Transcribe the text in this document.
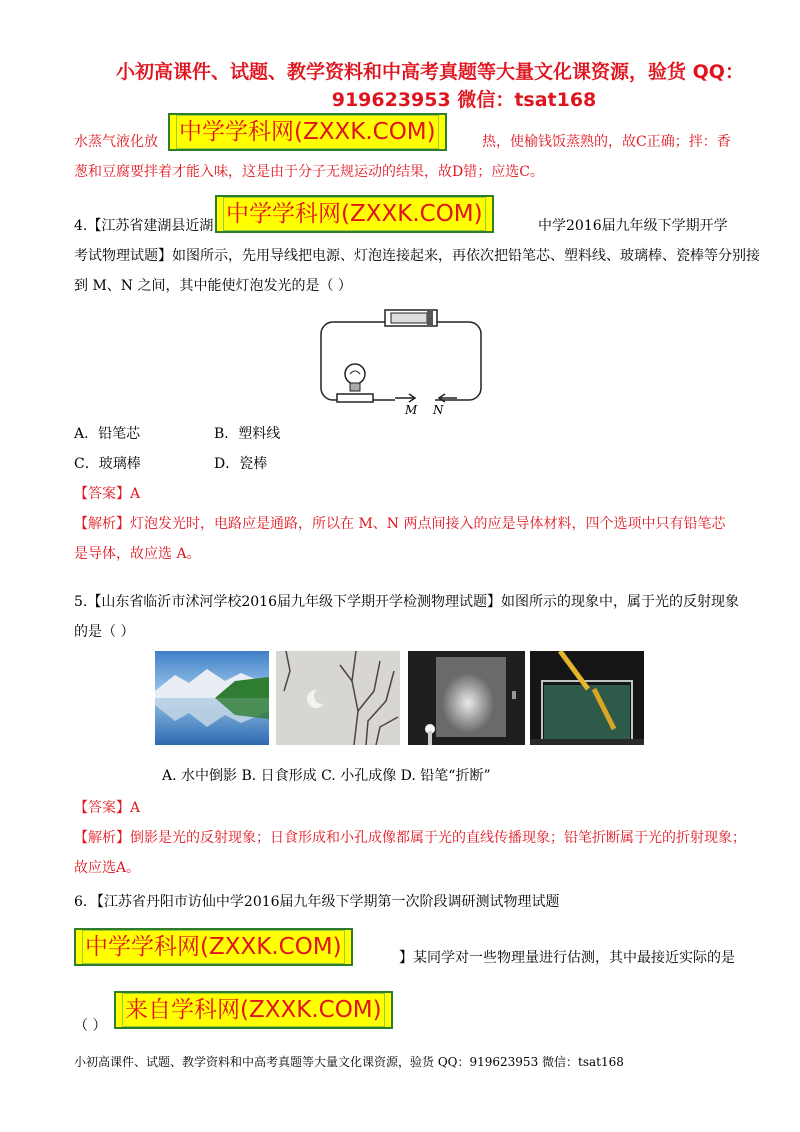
小初高课件、试题、教学资料和中高考真题等大量文化课资源，验货 QQ：
919623953 微信：tsat168
水蒸气液化放 中学学科网(ZXXK.COM)	热，使榆钱饭蒸熟的，故C正确；拌：香
葱和豆腐要拌着才能入味，这是由于分子无规运动的结果，故D错；应选C。
4.【江苏省建湖县近湖 中学学科网(ZXXK.COM)	中学2016届九年级下学期开学
考试物理试题】如图所示，先用导线把电源、灯泡连接起来，再依次把铅笔芯、塑料线、玻璃棒、瓷棒等分别接
到 M、N 之间，其中能使灯泡发光的是（ ）
M N
A．铅笔芯	B．塑料线
C．玻璃棒	D．瓷棒
【答案】A
【解析】灯泡发光时，电路应是通路，所以在 M、N 两点间接入的应是导体材料，四个选项中只有铅笔芯
是导体，故应选 A。
5.【山东省临沂市沭河学校2016届九年级下学期开学检测物理试题】如图所示的现象中，属于光的反射现象
的是（ ）
A. 水中倒影 B. 日食形成 C. 小孔成像 D. 铅笔“折断”
【答案】A
【解析】倒影是光的反射现象；日食形成和小孔成像都属于光的直线传播现象；铅笔折断属于光的折射现象；
故应选A。
6．【江苏省丹阳市访仙中学2016届九年级下学期第一次阶段调研测试物理试题
中学学科网(ZXXK.COM)	】某同学对一些物理量进行估测，其中最接近实际的是
（ ）
来自学科网(ZXXK.COM)
小初高课件、试题、教学资料和中高考真题等大量文化课资源，验货 QQ：919623953 微信：tsat168
